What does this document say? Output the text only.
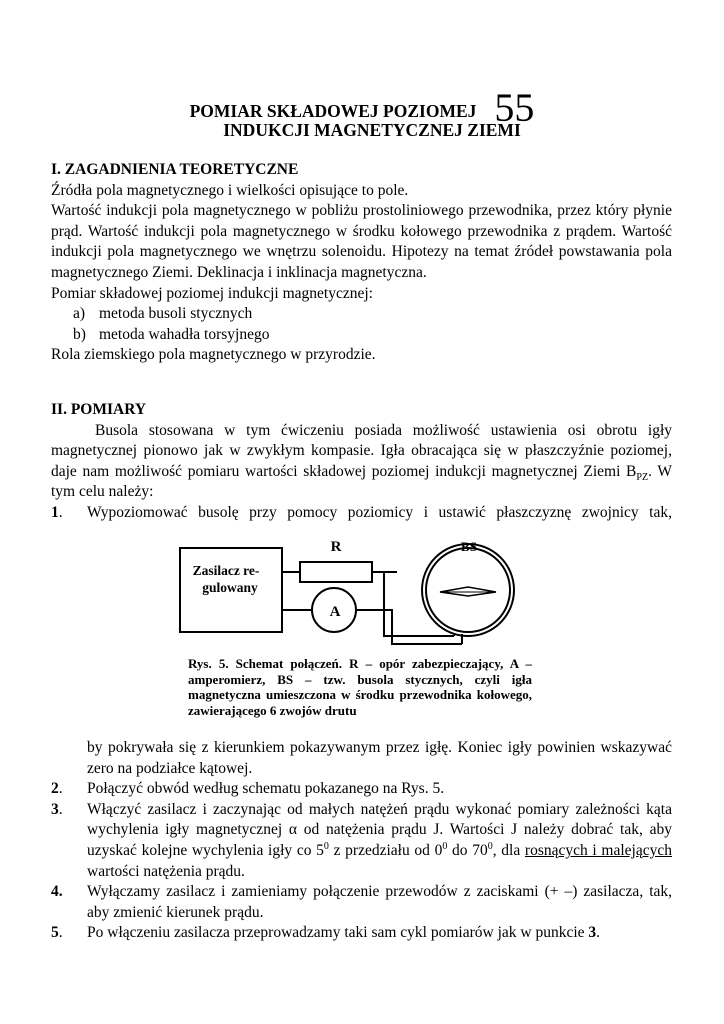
POMIAR SKŁADOWEJ POZIOMEJ 55
INDUKCJI MAGNETYCZNEJ ZIEMI
I. ZAGADNIENIA TEORETYCZNE
Źródła pola magnetycznego i wielkości opisujące to pole.
Wartość indukcji pola magnetycznego w pobliżu prostoliniowego przewodnika, przez który płynie prąd. Wartość indukcji pola magnetycznego w środku kołowego przewodnika z prądem. Wartość indukcji pola magnetycznego we wnętrzu solenoidu. Hipotezy na temat źródeł powstawania pola magnetycznego Ziemi. Deklinacja i inklinacja magnetyczna.
Pomiar składowej poziomej indukcji magnetycznej:
a) metoda busoli stycznych
b) metoda wahadła torsyjnego
Rola ziemskiego pola magnetycznego w przyrodzie.
II. POMIARY
Busola stosowana w tym ćwiczeniu posiada możliwość ustawienia osi obrotu igły magnetycznej pionowo jak w zwykłym kompasie. Igła obracająca się w płaszczyźnie poziomej, daje nam możliwość pomiaru wartości składowej poziomej indukcji magnetycznej Ziemi $B_{PZ}$. W tym celu należy:
1.	Wypoziomować busolę przy pomocy poziomicy i ustawić płaszczyznę zwojnicy tak,
Zasilacz re-
gulowany
R
A
BS
Rys. 5. Schemat połączeń. R – opór zabezpieczający, A – amperomierz, BS – tzw. busola stycznych, czyli igła magnetyczna umieszczona w środku przewodnika kołowego, zawierającego 6 zwojów drutu
by pokrywała się z kierunkiem pokazywanym przez igłę. Koniec igły powinien wskazywać zero na podziałce kątowej.
2.	Połączyć obwód według schematu pokazanego na Rys. 5.
3.	Włączyć zasilacz i zaczynając od małych natężeń prądu wykonać pomiary zależności kąta wychylenia igły magnetycznej α od natężenia prądu J. Wartości J należy dobrać tak, aby uzyskać kolejne wychylenia igły co $5^0$ z przedziału od $0^0$ do $70^0$, dla rosnących i malejących wartości natężenia prądu.
4.	Wyłączamy zasilacz i zamieniamy połączenie przewodów z zaciskami (+ –) zasilacza, tak, aby zmienić kierunek prądu.
5.	Po włączeniu zasilacza przeprowadzamy taki sam cykl pomiarów jak w punkcie 3.
